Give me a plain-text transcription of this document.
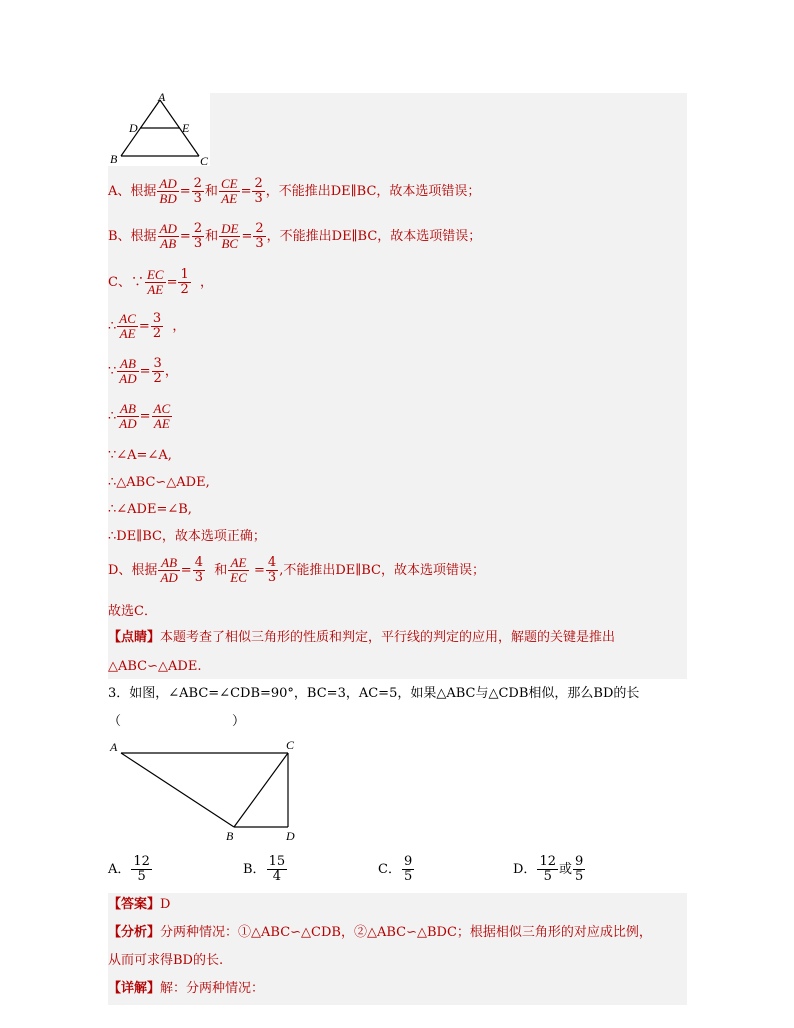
A
D	E
B	C
A、根据 $\frac{AD}{BD} = \frac{2}{3}$ 和 $\frac{CE}{AE} = \frac{2}{3}$ ，不能推出DE∥BC，故本选项错误；
B、根据 $\frac{AD}{AB} = \frac{2}{3}$ 和 $\frac{DE}{BC} = \frac{2}{3}$ ，不能推出DE∥BC，故本选项错误；
C、∵ $\frac{EC}{AE} = \frac{1}{2}$ ，
∴ $\frac{AC}{AE} = \frac{3}{2}$ ，
∵ $\frac{AB}{AD} = \frac{3}{2}$ ，
∴ $\frac{AB}{AD} = \frac{AC}{AE}$
∵∠A=∠A,
∴△ABC∽△ADE,
∴∠ADE=∠B,
∴DE∥BC，故本选项正确；
D、根据 $\frac{AB}{AD} = \frac{4}{3}$ 和 $\frac{AE}{EC} = \frac{4}{3}$ ,不能推出DE∥BC，故本选项错误；
故选C．
【点睛】本题考查了相似三角形的性质和判定，平行线的判定的应用，解题的关键是推出
△ABC∽△ADE.
3．如图，∠ABC=∠CDB=90°，BC=3，AC=5，如果△ABC与△CDB相似，那么BD的长
（	）
A	C
B	D
A． $\frac{12}{5}$	B． $\frac{15}{4}$	C． $\frac{9}{5}$	D． $\frac{12}{5}$ 或 $\frac{9}{5}$
【答案】D
【分析】分两种情况：①△ABC∽△CDB，②△ABC∽△BDC；根据相似三角形的对应成比例，
从而可求得BD的长.
【详解】解：分两种情况：
